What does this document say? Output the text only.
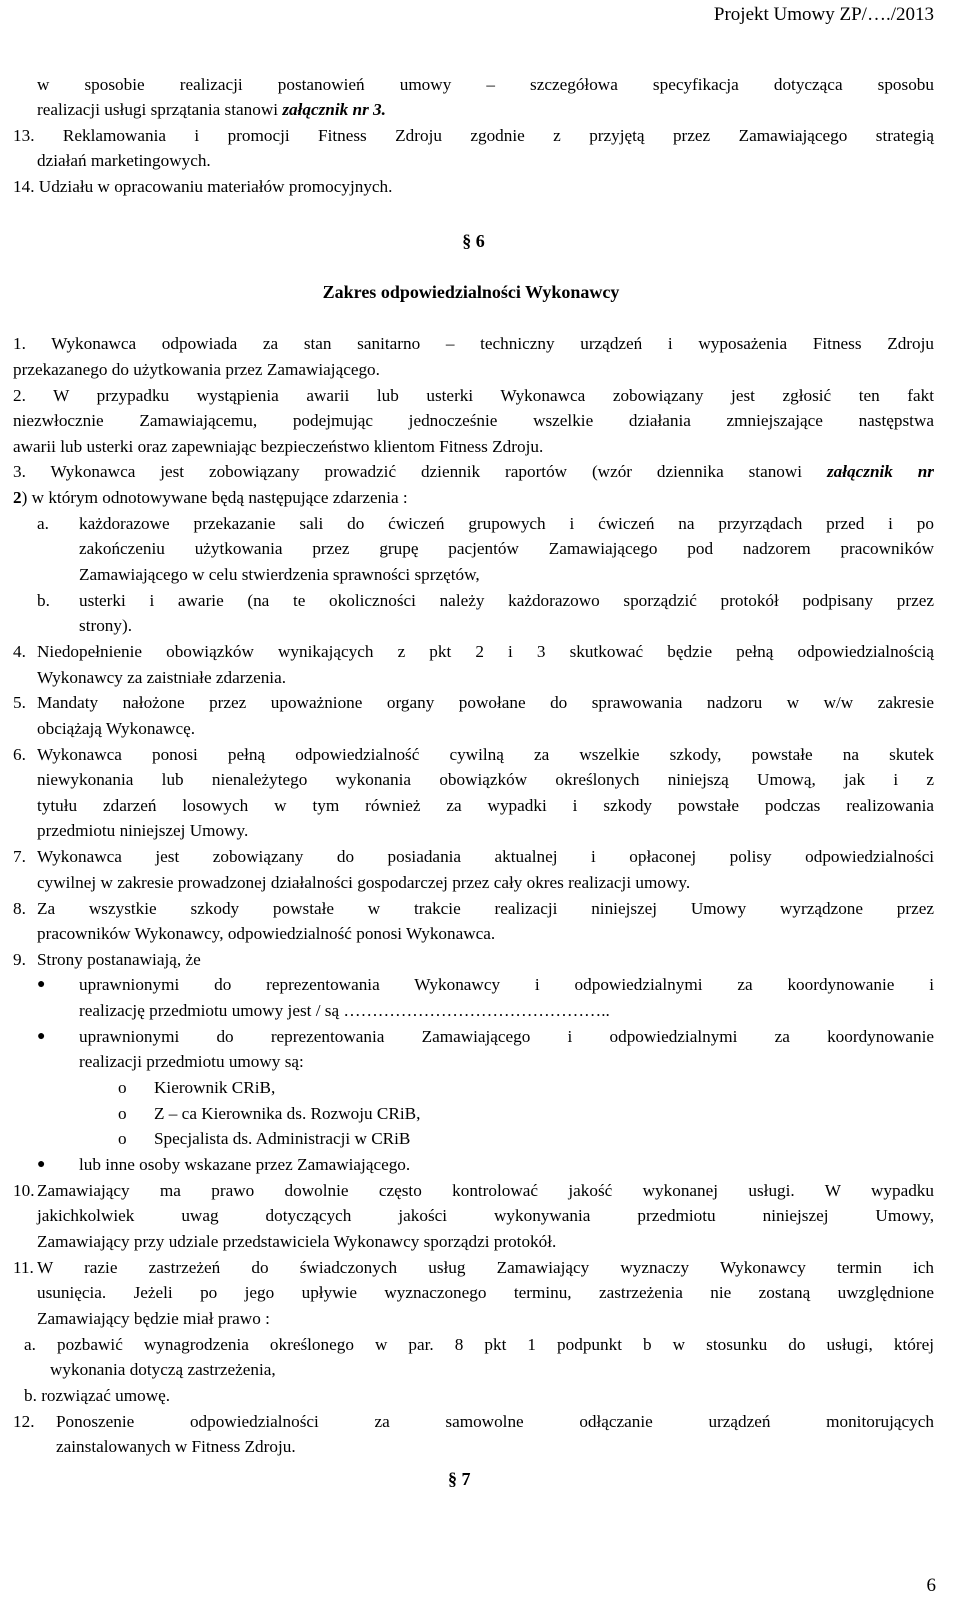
Projekt Umowy ZP/…./2013
w sposobie realizacji postanowień umowy – szczegółowa specyfikacja dotycząca sposobu
realizacji usługi sprzątania stanowi załącznik nr 3.
13. Reklamowania i promocji Fitness Zdroju zgodnie z przyjętą przez Zamawiającego strategią
działań marketingowych.
14. Udziału w opracowaniu materiałów promocyjnych.
§ 6
Zakres odpowiedzialności Wykonawcy
1. Wykonawca odpowiada za stan sanitarno – techniczny urządzeń i wyposażenia Fitness Zdroju
przekazanego do użytkowania przez Zamawiającego.
2. W przypadku wystąpienia awarii lub usterki Wykonawca zobowiązany jest zgłosić ten fakt
niezwłocznie Zamawiającemu, podejmując jednocześnie wszelkie działania zmniejszające następstwa
awarii lub usterki oraz zapewniając bezpieczeństwo klientom Fitness Zdroju.
3. Wykonawca jest zobowiązany prowadzić dziennik raportów (wzór dziennika stanowi załącznik nr
2) w którym odnotowywane będą następujące zdarzenia :
a. każdorazowe przekazanie sali do ćwiczeń grupowych i ćwiczeń na przyrządach przed i po
zakończeniu użytkowania przez grupę pacjentów Zamawiającego pod nadzorem pracowników
Zamawiającego w celu stwierdzenia sprawności sprzętów,
b. usterki i awarie (na te okoliczności należy każdorazowo sporządzić protokół podpisany przez
strony).
4. Niedopełnienie obowiązków wynikających z pkt 2 i 3 skutkować będzie pełną odpowiedzialnością
Wykonawcy za zaistniałe zdarzenia.
5. Mandaty nałożone przez upoważnione organy powołane do sprawowania nadzoru w w/w zakresie
obciążają Wykonawcę.
6. Wykonawca ponosi pełną odpowiedzialność cywilną za wszelkie szkody, powstałe na skutek
niewykonania lub nienależytego wykonania obowiązków określonych niniejszą Umową, jak i z
tytułu zdarzeń losowych w tym również za wypadki i szkody powstałe podczas realizowania
przedmiotu niniejszej Umowy.
7. Wykonawca jest zobowiązany do posiadania aktualnej i opłaconej polisy odpowiedzialności
cywilnej w zakresie prowadzonej działalności gospodarczej przez cały okres realizacji umowy.
8. Za wszystkie szkody powstałe w trakcie realizacji niniejszej Umowy wyrządzone przez
pracowników Wykonawcy, odpowiedzialność ponosi Wykonawca.
9. Strony postanawiają, że
● uprawnionymi do reprezentowania Wykonawcy i odpowiedzialnymi za koordynowanie i
realizację przedmiotu umowy jest / są ………………………………………..
● uprawnionymi do reprezentowania Zamawiającego i odpowiedzialnymi za koordynowanie
realizacji przedmiotu umowy są:
o Kierownik CRiB,
o Z – ca Kierownika ds. Rozwoju CRiB,
o Specjalista ds. Administracji w CRiB
● lub inne osoby wskazane przez Zamawiającego.
10. Zamawiający ma prawo dowolnie często kontrolować jakość wykonanej usługi. W wypadku
jakichkolwiek uwag dotyczących jakości wykonywania przedmiotu niniejszej Umowy,
Zamawiający przy udziale przedstawiciela Wykonawcy sporządzi protokół.
11. W razie zastrzeżeń do świadczonych usług Zamawiający wyznaczy Wykonawcy termin ich
usunięcia. Jeżeli po jego upływie wyznaczonego terminu, zastrzeżenia nie zostaną uwzględnione
Zamawiający będzie miał prawo :
a. pozbawić wynagrodzenia określonego w par. 8 pkt 1 podpunkt b w stosunku do usługi, której
wykonania dotyczą zastrzeżenia,
b. rozwiązać umowę.
12. Ponoszenie odpowiedzialności za samowolne odłączanie urządzeń monitorujących
zainstalowanych w Fitness Zdroju.
§ 7
6
